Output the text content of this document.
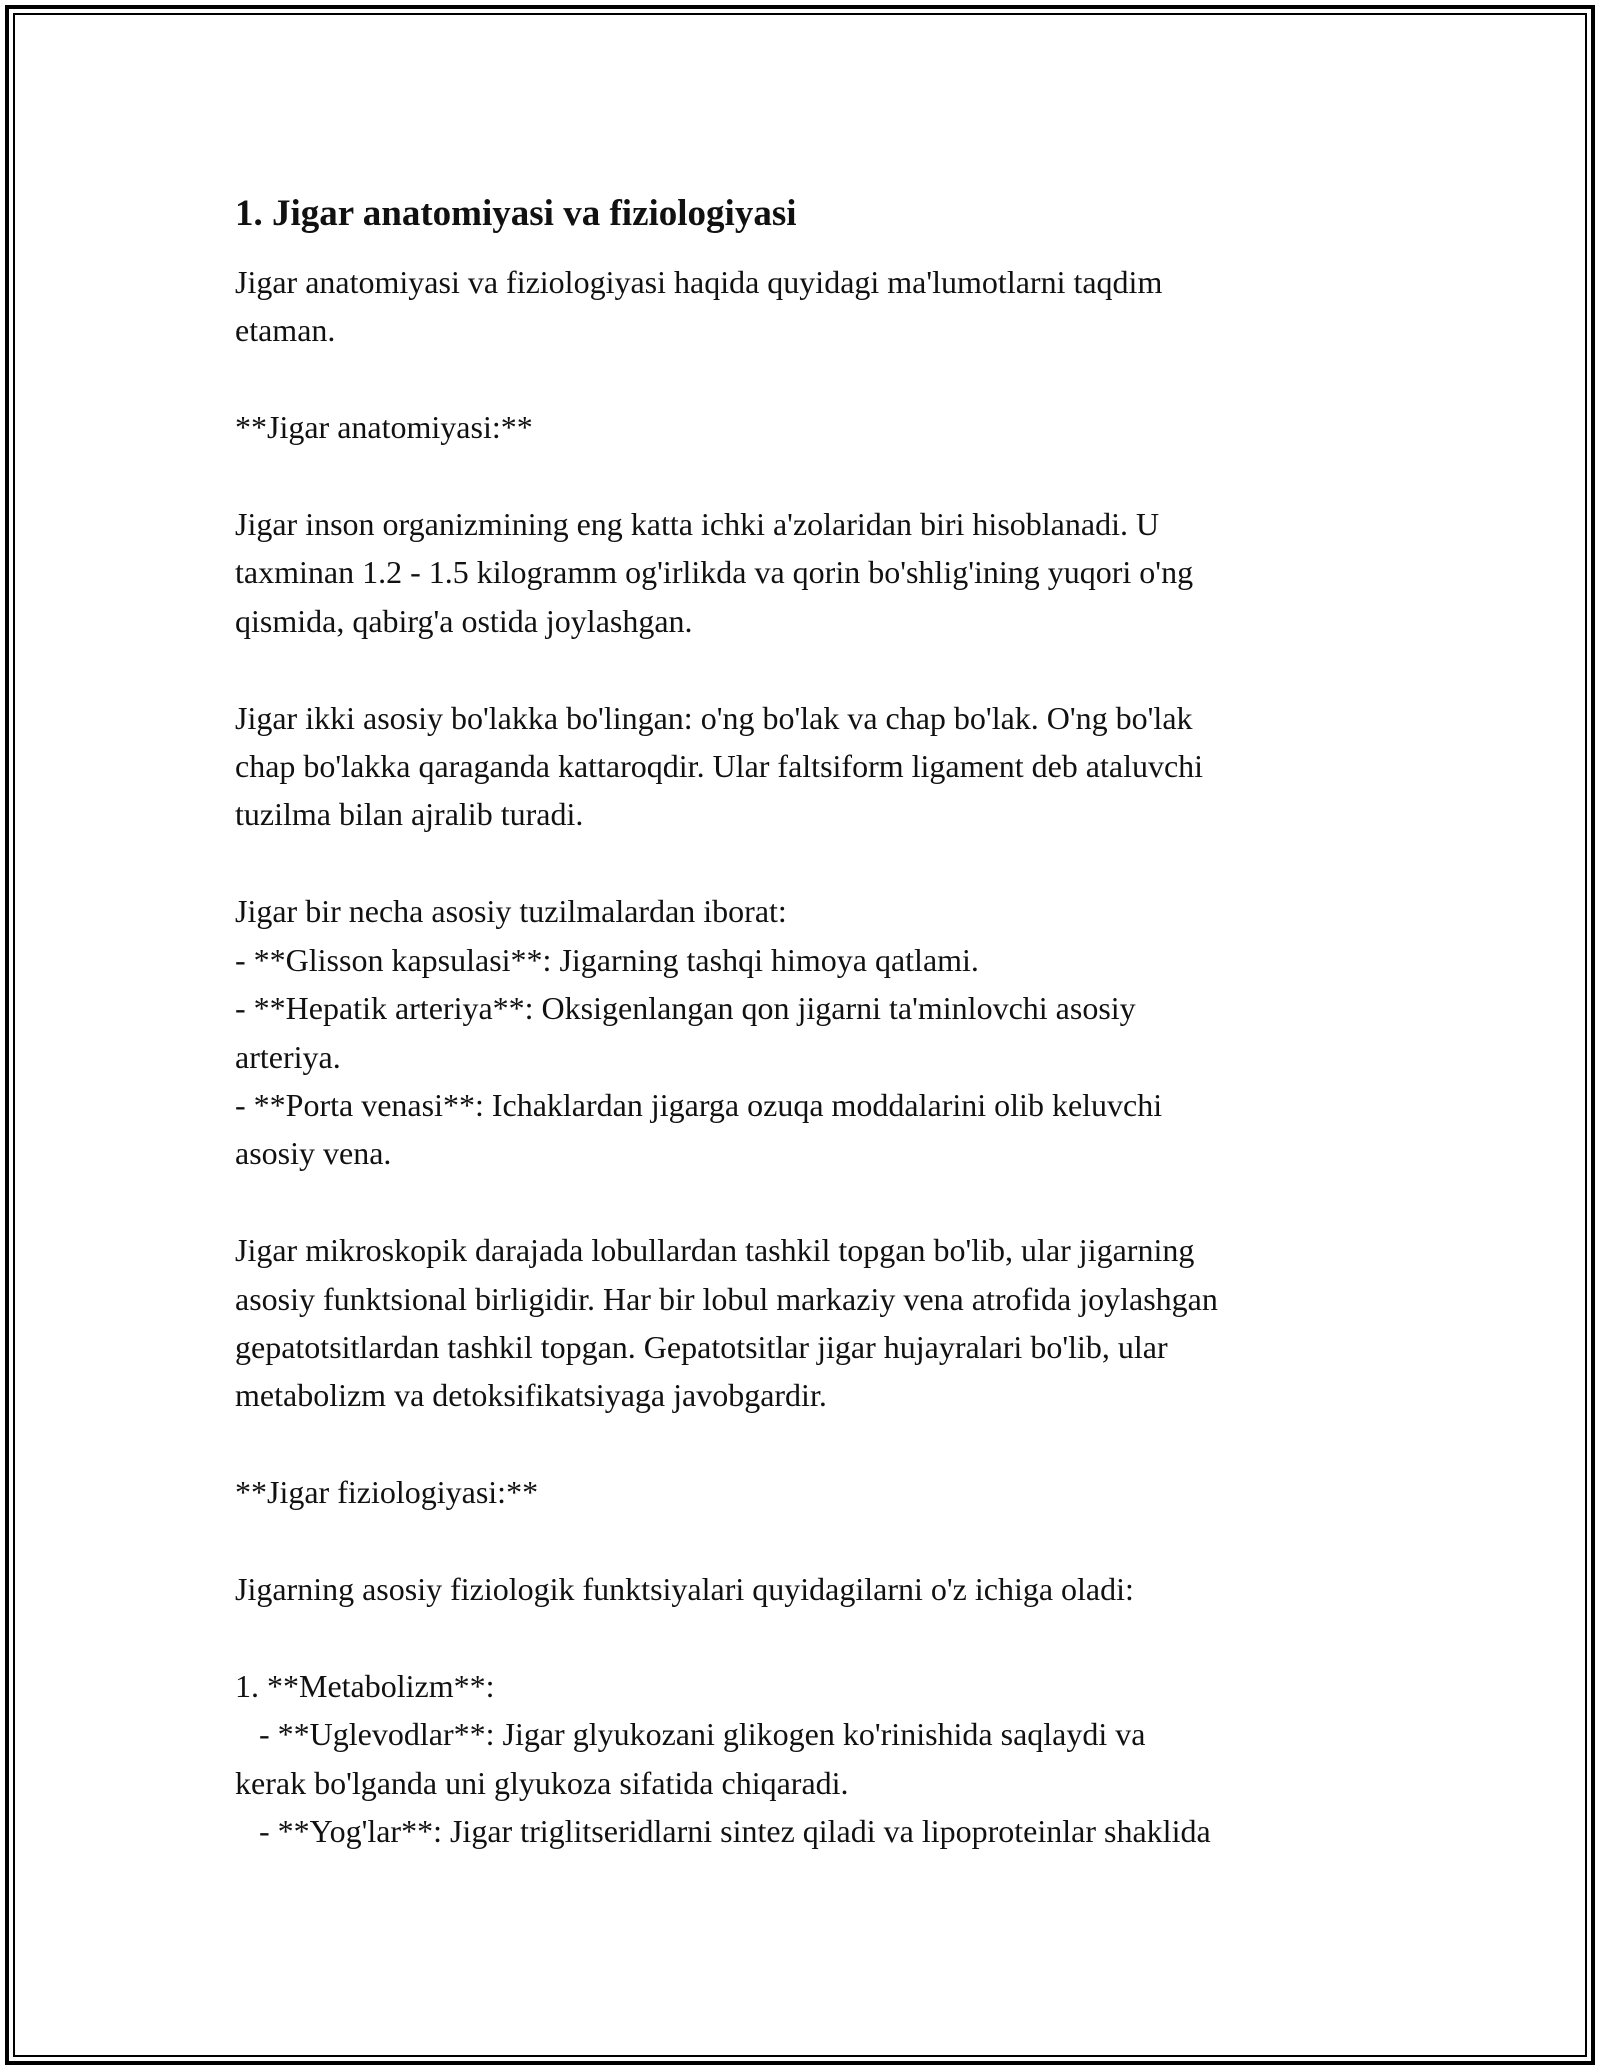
1. Jigar anatomiyasi va fiziologiyasi

Jigar anatomiyasi va fiziologiyasi haqida quyidagi ma'lumotlarni taqdim
etaman.

**Jigar anatomiyasi:**

Jigar inson organizmining eng katta ichki a'zolaridan biri hisoblanadi. U
taxminan 1.2 - 1.5 kilogramm og'irlikda va qorin bo'shlig'ining yuqori o'ng
qismida, qabirg'a ostida joylashgan.

Jigar ikki asosiy bo'lakka bo'lingan: o'ng bo'lak va chap bo'lak. O'ng bo'lak
chap bo'lakka qaraganda kattaroqdir. Ular faltsiform ligament deb ataluvchi
tuzilma bilan ajralib turadi.

Jigar bir necha asosiy tuzilmalardan iborat:
- **Glisson kapsulasi**: Jigarning tashqi himoya qatlami.
- **Hepatik arteriya**: Oksigenlangan qon jigarni ta'minlovchi asosiy
arteriya.
- **Porta venasi**: Ichaklardan jigarga ozuqa moddalarini olib keluvchi
asosiy vena.

Jigar mikroskopik darajada lobullardan tashkil topgan bo'lib, ular jigarning
asosiy funktsional birligidir. Har bir lobul markaziy vena atrofida joylashgan
gepatotsitlardan tashkil topgan. Gepatotsitlar jigar hujayralari bo'lib, ular
metabolizm va detoksifikatsiyaga javobgardir.

**Jigar fiziologiyasi:**

Jigarning asosiy fiziologik funktsiyalari quyidagilarni o'z ichiga oladi:

1. **Metabolizm**:
- **Uglevodlar**: Jigar glyukozani glikogen ko'rinishida saqlaydi va
kerak bo'lganda uni glyukoza sifatida chiqaradi.
- **Yog'lar**: Jigar triglitseridlarni sintez qiladi va lipoproteinlar shaklida
